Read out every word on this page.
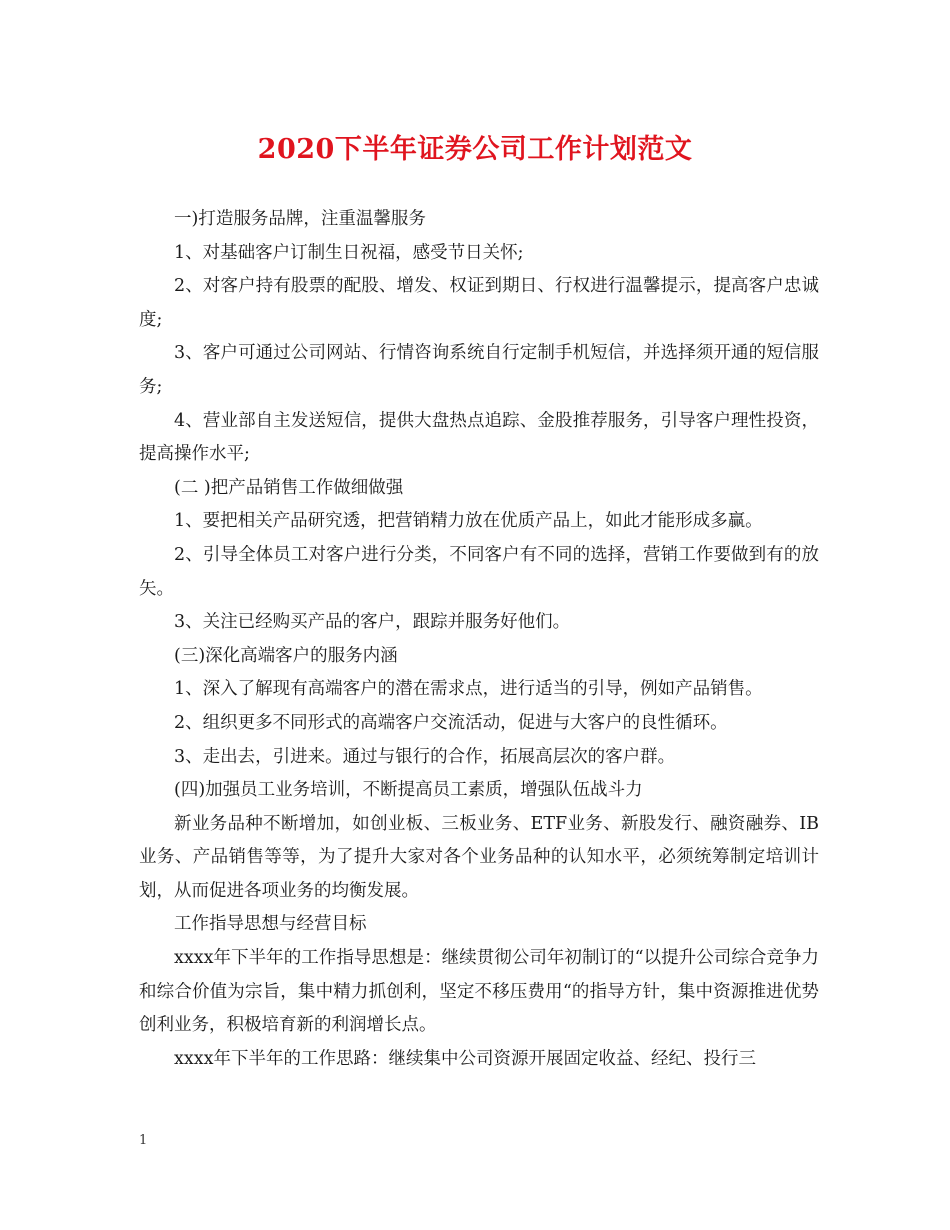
2020下半年证券公司工作计划范文

一)打造服务品牌，注重温馨服务

1、对基础客户订制生日祝福，感受节日关怀;

2、对客户持有股票的配股、增发、权证到期日、行权进行温馨提示，提高客户忠诚度;

3、客户可通过公司网站、行情咨询系统自行定制手机短信，并选择须开通的短信服务;

4、营业部自主发送短信，提供大盘热点追踪、金股推荐服务，引导客户理性投资，提高操作水平;

(二 )把产品销售工作做细做强

1、要把相关产品研究透，把营销精力放在优质产品上，如此才能形成多赢。

2、引导全体员工对客户进行分类，不同客户有不同的选择，营销工作要做到有的放矢。

3、关注已经购买产品的客户，跟踪并服务好他们。

(三)深化高端客户的服务内涵

1、深入了解现有高端客户的潜在需求点，进行适当的引导，例如产品销售。

2、组织更多不同形式的高端客户交流活动，促进与大客户的良性循环。

3、走出去，引进来。通过与银行的合作，拓展高层次的客户群。

(四)加强员工业务培训，不断提高员工素质，增强队伍战斗力

新业务品种不断增加，如创业板、三板业务、ETF业务、新股发行、融资融券、IB业务、产品销售等等，为了提升大家对各个业务品种的认知水平，必须统筹制定培训计划，从而促进各项业务的均衡发展。

工作指导思想与经营目标

xxxx年下半年的工作指导思想是：继续贯彻公司年初制订的“以提升公司综合竞争力和综合价值为宗旨，集中精力抓创利，坚定不移压费用“的指导方针，集中资源推进优势创利业务，积极培育新的利润增长点。

xxxx年下半年的工作思路：继续集中公司资源开展固定收益、经纪、投行三

1
